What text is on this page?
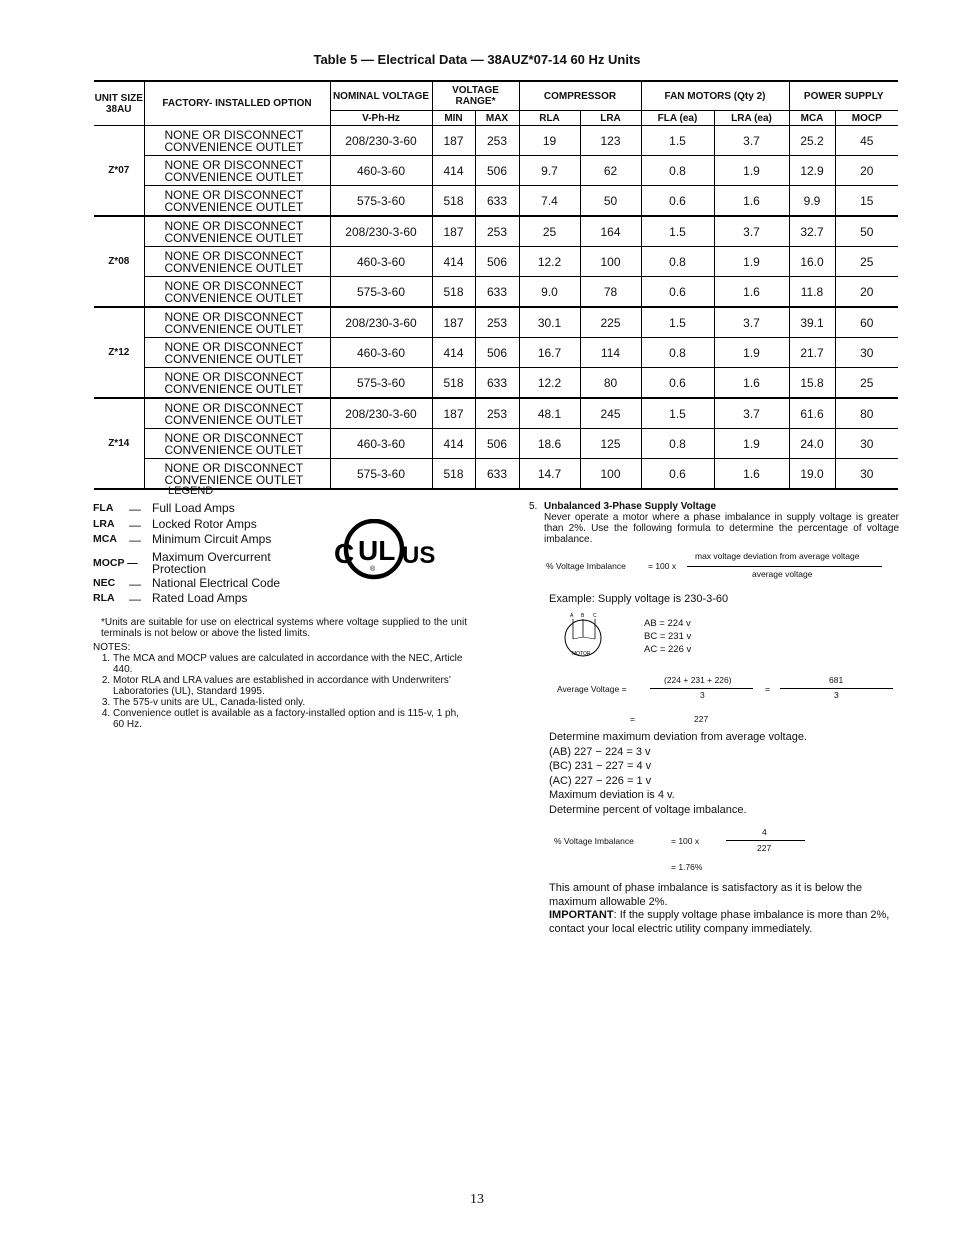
Table 5 — Electrical Data — 38AUZ*07-14 60 Hz Units
UNIT SIZE 38AU	FACTORY- INSTALLED OPTION	NOMINAL VOLTAGE	VOLTAGE RANGE*		COMPRESSOR		FAN MOTORS (Qty 2)		POWER SUPPLY	
		V-Ph-Hz	MIN	MAX	RLA	LRA	FLA (ea)	LRA (ea)	MCA	MOCP
Z*07	NONE OR DISCONNECT
CONVENIENCE OUTLET	208/230-3-60	187	253	19	123	1.5	3.7	25.2	45

	NONE OR DISCONNECT
CONVENIENCE OUTLET	460-3-60	414	506	9.7	62	0.8	1.9	12.9	20

	NONE OR DISCONNECT
CONVENIENCE OUTLET	575-3-60	518	633	7.4	50	0.6	1.6	9.9	15
Z*08	NONE OR DISCONNECT
CONVENIENCE OUTLET	208/230-3-60	187	253	25	164	1.5	3.7	32.7	50

	NONE OR DISCONNECT
CONVENIENCE OUTLET	460-3-60	414	506	12.2	100	0.8	1.9	16.0	25

	NONE OR DISCONNECT
CONVENIENCE OUTLET	575-3-60	518	633	9.0	78	0.6	1.6	11.8	20
Z*12	NONE OR DISCONNECT
CONVENIENCE OUTLET	208/230-3-60	187	253	30.1	225	1.5	3.7	39.1	60

	NONE OR DISCONNECT
CONVENIENCE OUTLET	460-3-60	414	506	16.7	114	0.8	1.9	21.7	30

	NONE OR DISCONNECT
CONVENIENCE OUTLET	575-3-60	518	633	12.2	80	0.6	1.6	15.8	25
Z*14	NONE OR DISCONNECT
CONVENIENCE OUTLET	208/230-3-60	187	253	48.1	245	1.5	3.7	61.6	80

	NONE OR DISCONNECT
CONVENIENCE OUTLET	460-3-60	414	506	18.6	125	0.8	1.9	24.0	30

	NONE OR DISCONNECT
CONVENIENCE OUTLET	575-3-60	518	633	14.7	100	0.6	1.6	19.0	30
LEGEND
FLA	— Full Load Amps
LRA	— Locked Rotor Amps
MCA	— Minimum Circuit Amps
MOCP —	Maximum Overcurrent
Protection
NEC	— National Electrical Code
RLA	— Rated Load Amps
C UL
®
US

*Units are suitable for use on electrical systems where voltage supplied to the unit terminals is not below or above the listed limits.

NOTES:

1. The MCA and MOCP values are calculated in accordance with the NEC, Article 440.
2. Motor RLA and LRA values are established in accordance with Underwriters’ Laboratories (UL), Standard 1995.
3. The 575-v units are UL, Canada-listed only.
4. Convenience outlet is available as a factory-installed option and is 115-v, 1 ph, 60 Hz.
5. Unbalanced 3-Phase Supply Voltage
Never operate a motor where a phase imbalance in supply voltage is greater than 2%. Use the following formula to determine the percentage of voltage imbalance.
% Voltage Imbalance	= 100 x
max voltage deviation from average voltage
average voltage
Example: Supply voltage is 230-3-60
A B C
MOTOR
AB = 224 v
BC = 231 v
AC = 226 v
Average Voltage =
(224 + 231 + 226)
3
=
681
3
=	227
Determine maximum deviation from average voltage.
(AB) 227 − 224 = 3 v
(BC) 231 − 227 = 4 v
(AC) 227 − 226 = 1 v
Maximum deviation is 4 v.
Determine percent of voltage imbalance.
% Voltage Imbalance	= 100 x
4
227
= 1.76%
This amount of phase imbalance is satisfactory as it is below the maximum allowable 2%.
IMPORTANT: If the supply voltage phase imbalance is more than 2%, contact your local electric utility company immediately.
13
